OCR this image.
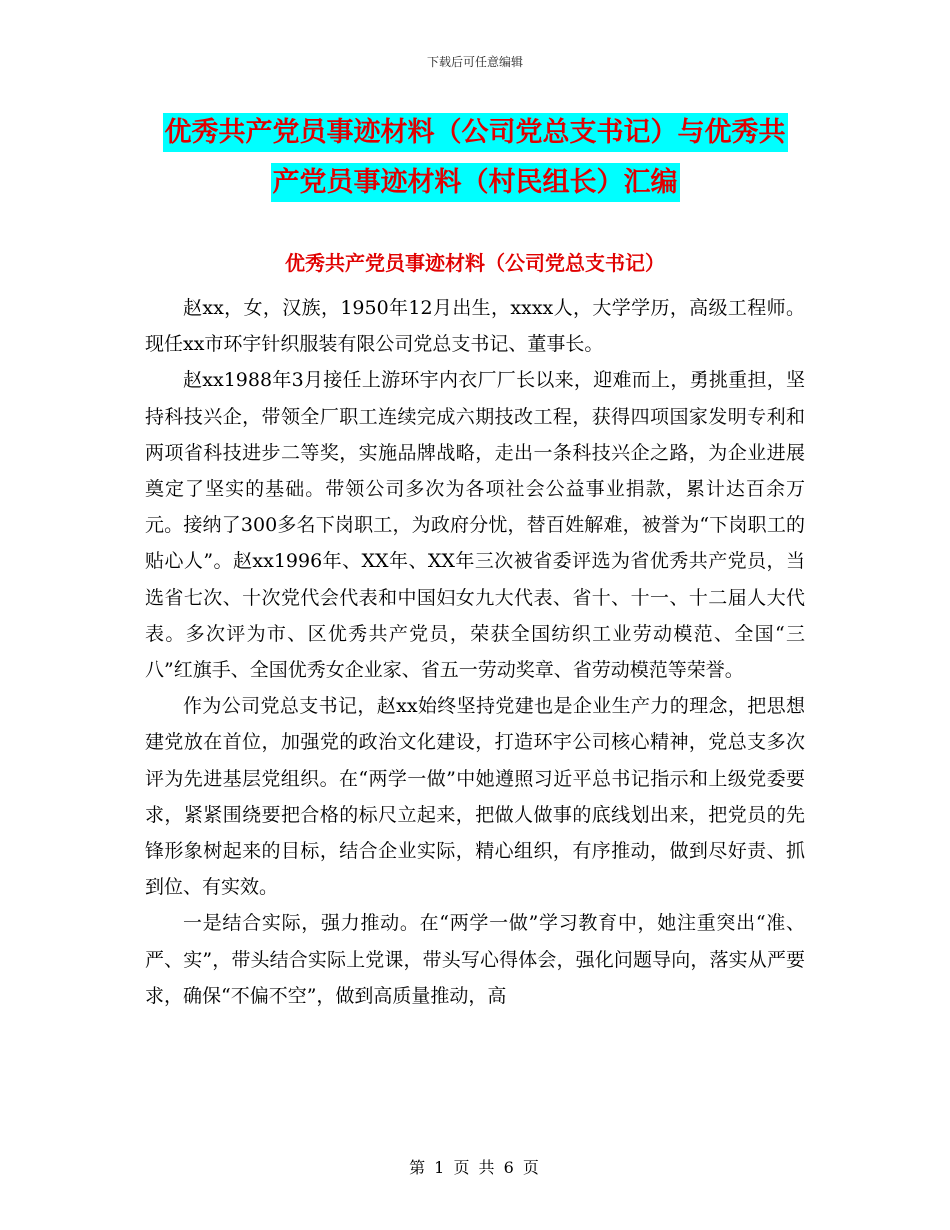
下载后可任意编辑
优秀共产党员事迹材料（公司党总支书记）与优秀共
产党员事迹材料（村民组长）汇编
优秀共产党员事迹材料（公司党总支书记）

赵xx，女，汉族，1950年12月出生，xxxx人，大学学历，高级工程师。现任xx市环宇针织服装有限公司党总支书记、董事长。

赵xx1988年3月接任上游环宇内衣厂厂长以来，迎难而上，勇挑重担，坚持科技兴企，带领全厂职工连续完成六期技改工程，获得四项国家发明专利和两项省科技进步二等奖，实施品牌战略，走出一条科技兴企之路，为企业进展奠定了坚实的基础。带领公司多次为各项社会公益事业捐款，累计达百余万元。接纳了300多名下岗职工，为政府分忧，替百姓解难，被誉为“下岗职工的贴心人”。赵xx1996年、XX年、XX年三次被省委评选为省优秀共产党员，当选省七次、十次党代会代表和中国妇女九大代表、省十、十一、十二届人大代表。多次评为市、区优秀共产党员，荣获全国纺织工业劳动模范、全国“三八”红旗手、全国优秀女企业家、省五一劳动奖章、省劳动模范等荣誉。

作为公司党总支书记，赵xx始终坚持党建也是企业生产力的理念，把思想建党放在首位，加强党的政治文化建设，打造环宇公司核心精神，党总支多次评为先进基层党组织。在“两学一做”中她遵照习近平总书记指示和上级党委要求，紧紧围绕要把合格的标尺立起来，把做人做事的底线划出来，把党员的先锋形象树起来的目标，结合企业实际，精心组织，有序推动，做到尽好责、抓到位、有实效。

一是结合实际，强力推动。在“两学一做”学习教育中，她注重突出“准、严、实”，带头结合实际上党课，带头写心得体会，强化问题导向，落实从严要求，确保“不偏不空”，做到高质量推动，高

第 1 页 共 6 页
